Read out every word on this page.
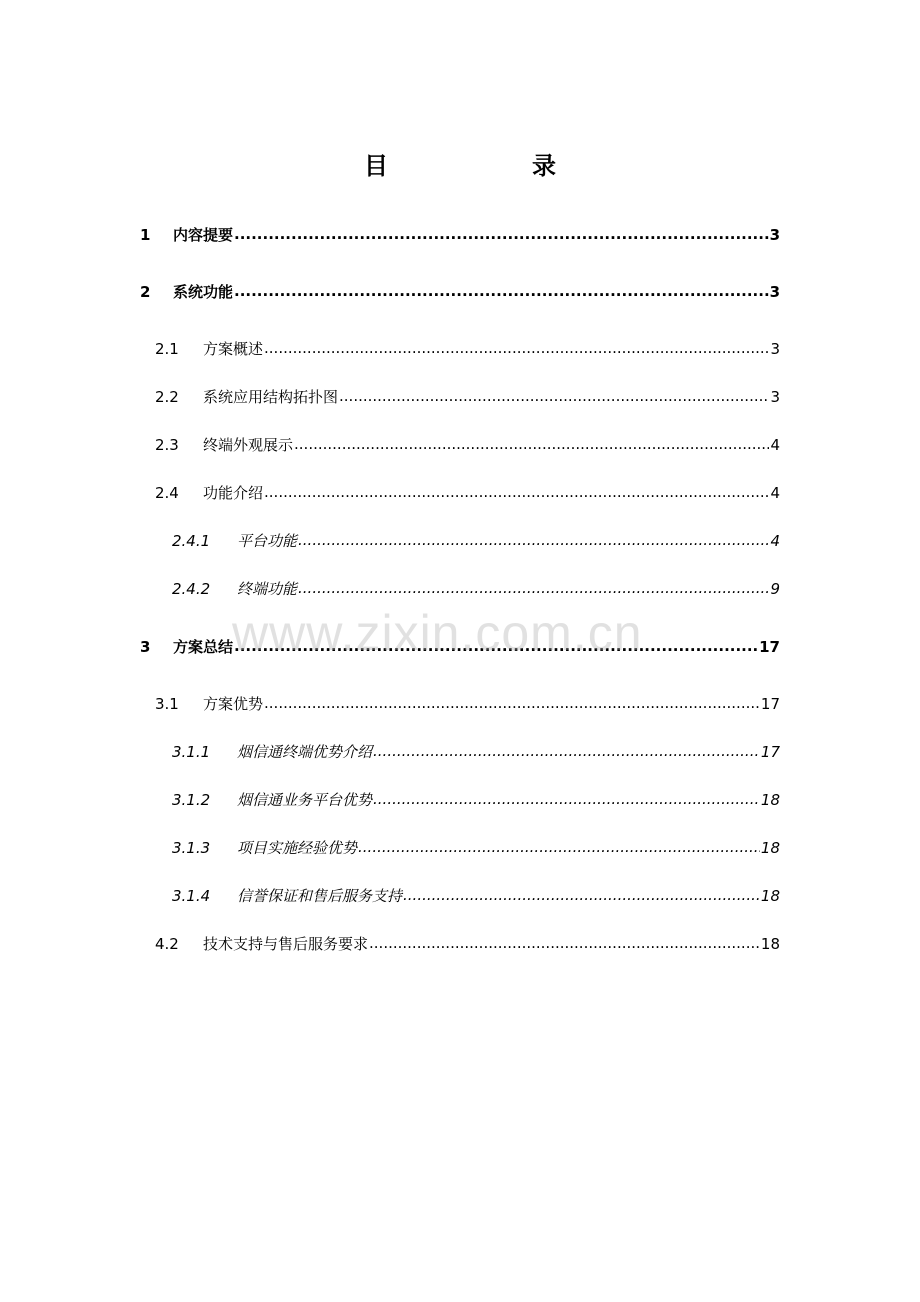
目　录
1	内容提要 .....	3
2	系统功能 .....	3
2.1	方案概述 .....	3
2.2	系统应用结构拓扑图 .....	3
2.3	终端外观展示 .....	4
2.4	功能介绍 .....	4
2.4.1	平台功能 .....	4
2.4.2	终端功能 .....	9
3	方案总结 .....	17
3.1	方案优势 .....	17
3.1.1	烟信通终端优势介绍 .....	17
3.1.2	烟信通业务平台优势 .....	18
3.1.3	项目实施经验优势 .....	18
3.1.4	信誉保证和售后服务支持 .....	18
4.2	技术支持与售后服务要求 .....	18
www.zixin.com.cn
